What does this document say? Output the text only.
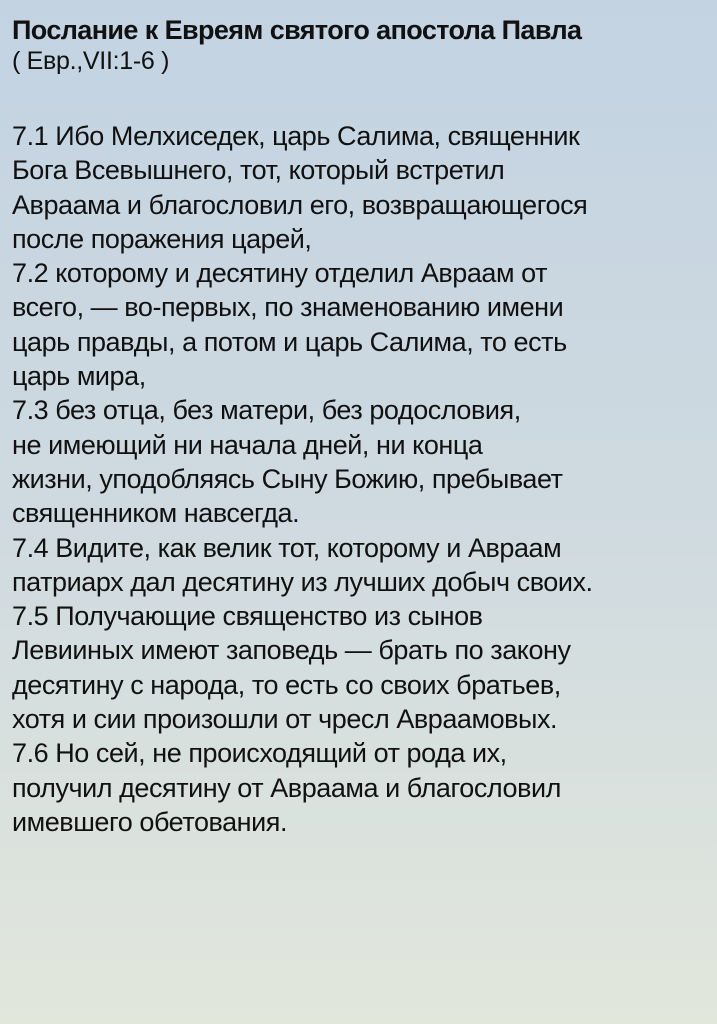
Послание к Евреям святого апостола Павла
( Евр.,VII:1-6 )
7.1 Ибо Мелхиседек, царь Салима, священник
Бога Всевышнего, тот, который встретил
Авраама и благословил его, возвращающегося
после поражения царей,
7.2 которому и десятину отделил Авраам от
всего, — во-первых, по знаменованию имени
царь правды, а потом и царь Салима, то есть
царь мира,
7.3 без отца, без матери, без родословия,
не имеющий ни начала дней, ни конца
жизни, уподобляясь Сыну Божию, пребывает
священником навсегда.
7.4 Видите, как велик тот, которому и Авраам
патриарх дал десятину из лучших добыч своих.
7.5 Получающие священство из сынов
Левииных имеют заповедь — брать по закону
десятину с народа, то есть со своих братьев,
хотя и сии произошли от чресл Авраамовых.
7.6 Но сей, не происходящий от рода их,
получил десятину от Авраама и благословил
имевшего обетования.
